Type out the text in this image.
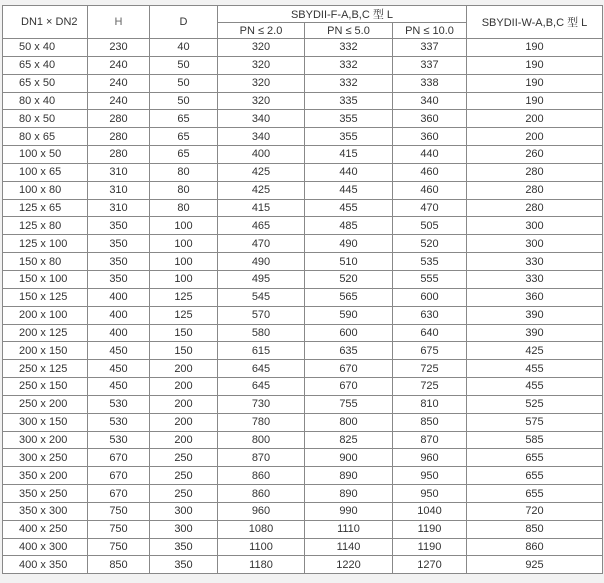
DN1 × DN2	H	D	SBYDII-F-A,B,C 型 L			SBYDII-W-A,B,C 型 L
			PN ≤ 2.0	PN ≤ 5.0	PN ≤ 10.0	
50 x 40	230	40	320	332	337	190
65 x 40	240	50	320	332	337	190
65 x 50	240	50	320	332	338	190
80 x 40	240	50	320	335	340	190
80 x 50	280	65	340	355	360	200
80 x 65	280	65	340	355	360	200
100 x 50	280	65	400	415	440	260
100 x 65	310	80	425	440	460	280
100 x 80	310	80	425	445	460	280
125 x 65	310	80	415	455	470	280
125 x 80	350	100	465	485	505	300
125 x 100	350	100	470	490	520	300
150 x 80	350	100	490	510	535	330
150 x 100	350	100	495	520	555	330
150 x 125	400	125	545	565	600	360
200 x 100	400	125	570	590	630	390
200 x 125	400	150	580	600	640	390
200 x 150	450	150	615	635	675	425
250 x 125	450	200	645	670	725	455
250 x 150	450	200	645	670	725	455
250 x 200	530	200	730	755	810	525
300 x 150	530	200	780	800	850	575
300 x 200	530	200	800	825	870	585
300 x 250	670	250	870	900	960	655
350 x 200	670	250	860	890	950	655
350 x 250	670	250	860	890	950	655
350 x 300	750	300	960	990	1040	720
400 x 250	750	300	1080	1110	1190	850
400 x 300	750	350	1100	1140	1190	860
400 x 350	850	350	1180	1220	1270	925
